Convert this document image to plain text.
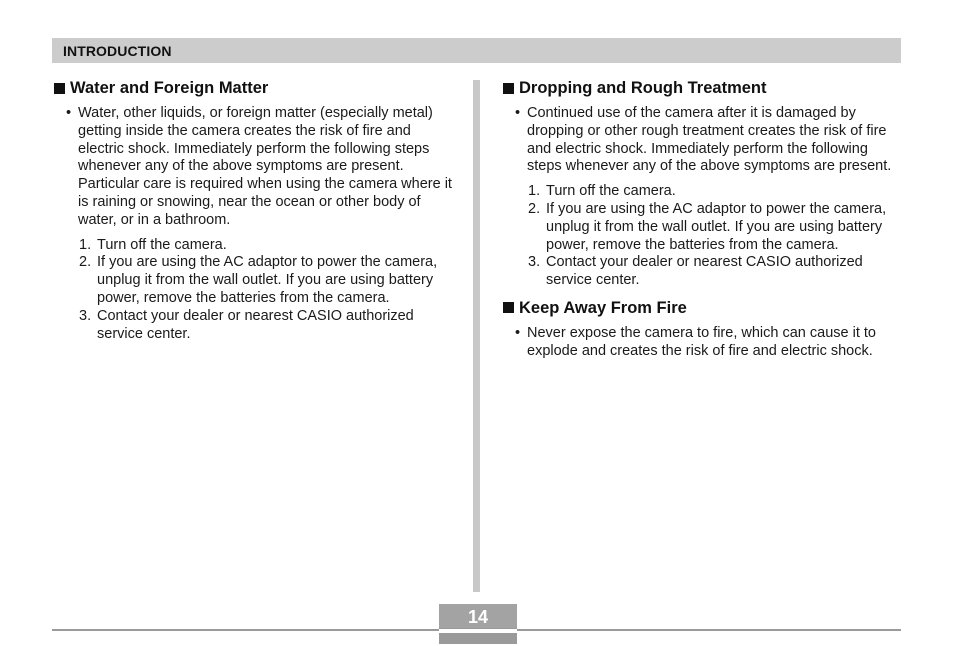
INTRODUCTION
Water and Foreign Matter

• Water, other liquids, or foreign matter (especially metal) getting inside the camera creates the risk of fire and electric shock. Immediately perform the following steps whenever any of the above symptoms are present. Particular care is required when using the camera where it is raining or snowing, near the ocean or other body of water, or in a bathroom.

1. Turn off the camera.
2. If you are using the AC adaptor to power the camera, unplug it from the wall outlet. If you are using battery power, remove the batteries from the camera.
3. Contact your dealer or nearest CASIO authorized service center.
Dropping and Rough Treatment

• Continued use of the camera after it is damaged by dropping or other rough treatment creates the risk of fire and electric shock. Immediately perform the following steps whenever any of the above symptoms are present.

1. Turn off the camera.
2. If you are using the AC adaptor to power the camera, unplug it from the wall outlet. If you are using battery power, remove the batteries from the camera.
3. Contact your dealer or nearest CASIO authorized service center.
Keep Away From Fire

• Never expose the camera to fire, which can cause it to explode and creates the risk of fire and electric shock.

14
